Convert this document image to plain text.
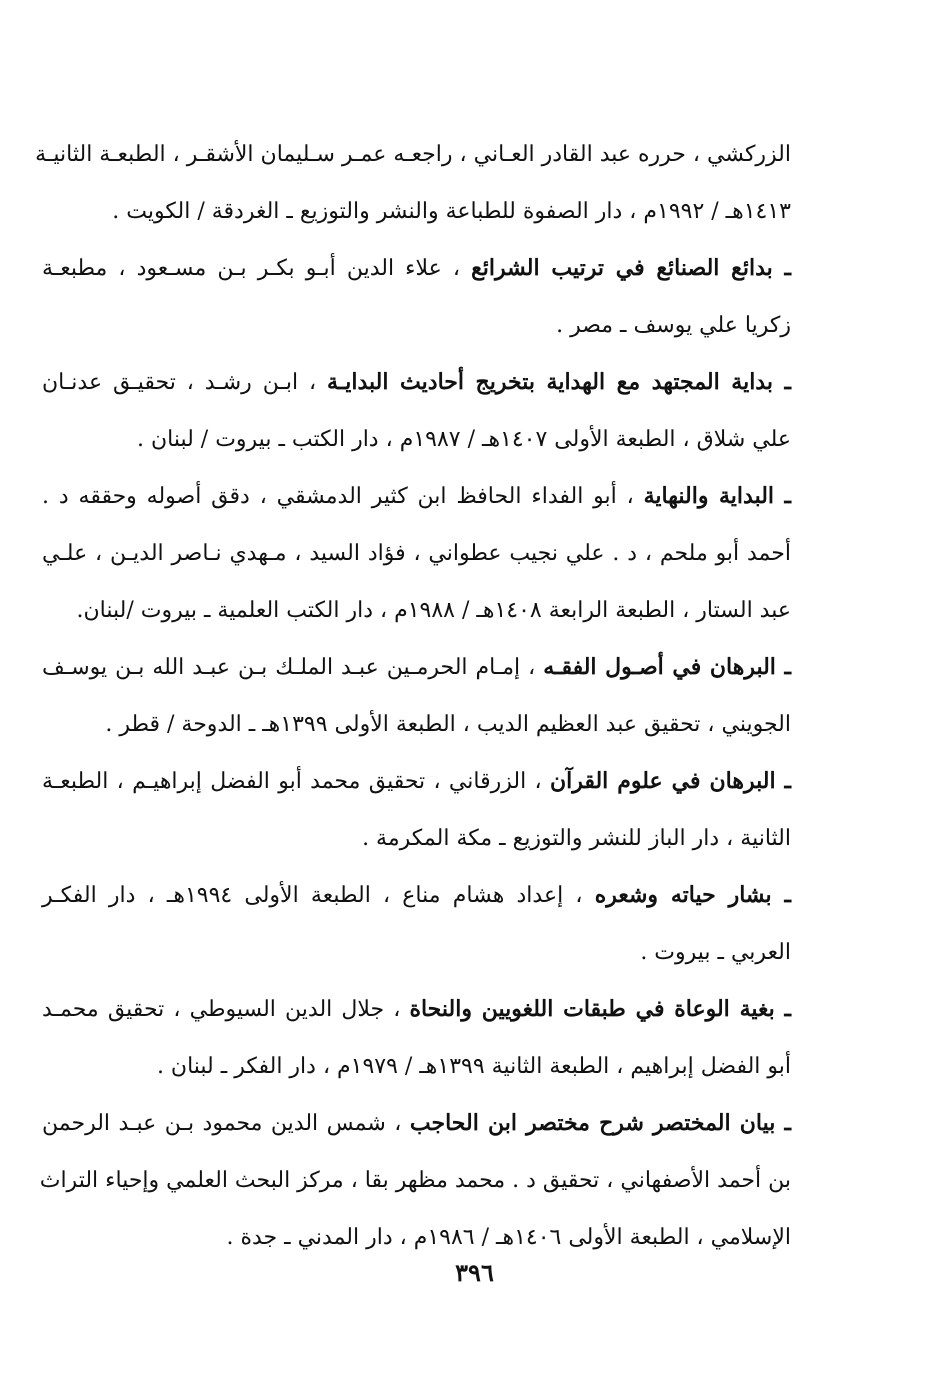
الزركشي ، حرره عبد القادر العـاني ، راجعـه عمـر سـليمان الأشقـر ، الطبعـة الثانيـة
١٤١٣هـ / ١٩٩٢م ، دار الصفوة للطباعة والنشر والتوزيع ـ الغردقة / الكويت .
ـ بدائع الصنائع في ترتيب الشرائع ، علاء الدين أبـو بكـر بـن مسـعود ، مطبعـة
زكريا علي يوسف ـ مصر .
ـ بداية المجتهد مع الهداية بتخريج أحاديث البدايـة ، ابـن رشـد ، تحقيـق عدنـان
علي شلاق ، الطبعة الأولى ١٤٠٧هـ / ١٩٨٧م ، دار الكتب ـ بيروت / لبنان .
ـ البداية والنهاية ، أبو الفداء الحافظ ابن كثير الدمشقي ، دقق أصوله وحققه د .
أحمد أبو ملحم ، د . علي نجيب عطواني ، فؤاد السيد ، مـهدي نـاصر الديـن ، علـي
عبد الستار ، الطبعة الرابعة ١٤٠٨هـ / ١٩٨٨م ، دار الكتب العلمية ـ بيروت /لبنان.
ـ البرهان في أصـول الفقـه ، إمـام الحرمـين عبـد الملـك بـن عبـد الله بـن يوسـف
الجويني ، تحقيق عبد العظيم الديب ، الطبعة الأولى ١٣٩٩هـ ـ الدوحة / قطر .
ـ البرهان في علوم القرآن ، الزرقاني ، تحقيق محمد أبو الفضل إبراهيـم ، الطبعـة
الثانية ، دار الباز للنشر والتوزيع ـ مكة المكرمة .
ـ بشار حياته وشعره ، إعداد هشام مناع ، الطبعة الأولى ١٩٩٤هـ ، دار الفكـر
العربي ـ بيروت .
ـ بغية الوعاة في طبقات اللغويين والنحاة ، جلال الدين السيوطي ، تحقيق محمـد
أبو الفضل إبراهيم ، الطبعة الثانية ١٣٩٩هـ / ١٩٧٩م ، دار الفكر ـ لبنان .
ـ بيان المختصر شرح مختصر ابن الحاجب ، شمس الدين محمود بـن عبـد الرحمن
بن أحمد الأصفهاني ، تحقيق د . محمد مظهر بقا ، مركز البحث العلمي وإحياء التراث
الإسلامي ، الطبعة الأولى ١٤٠٦هـ / ١٩٨٦م ، دار المدني ـ جدة .
٣٩٦
